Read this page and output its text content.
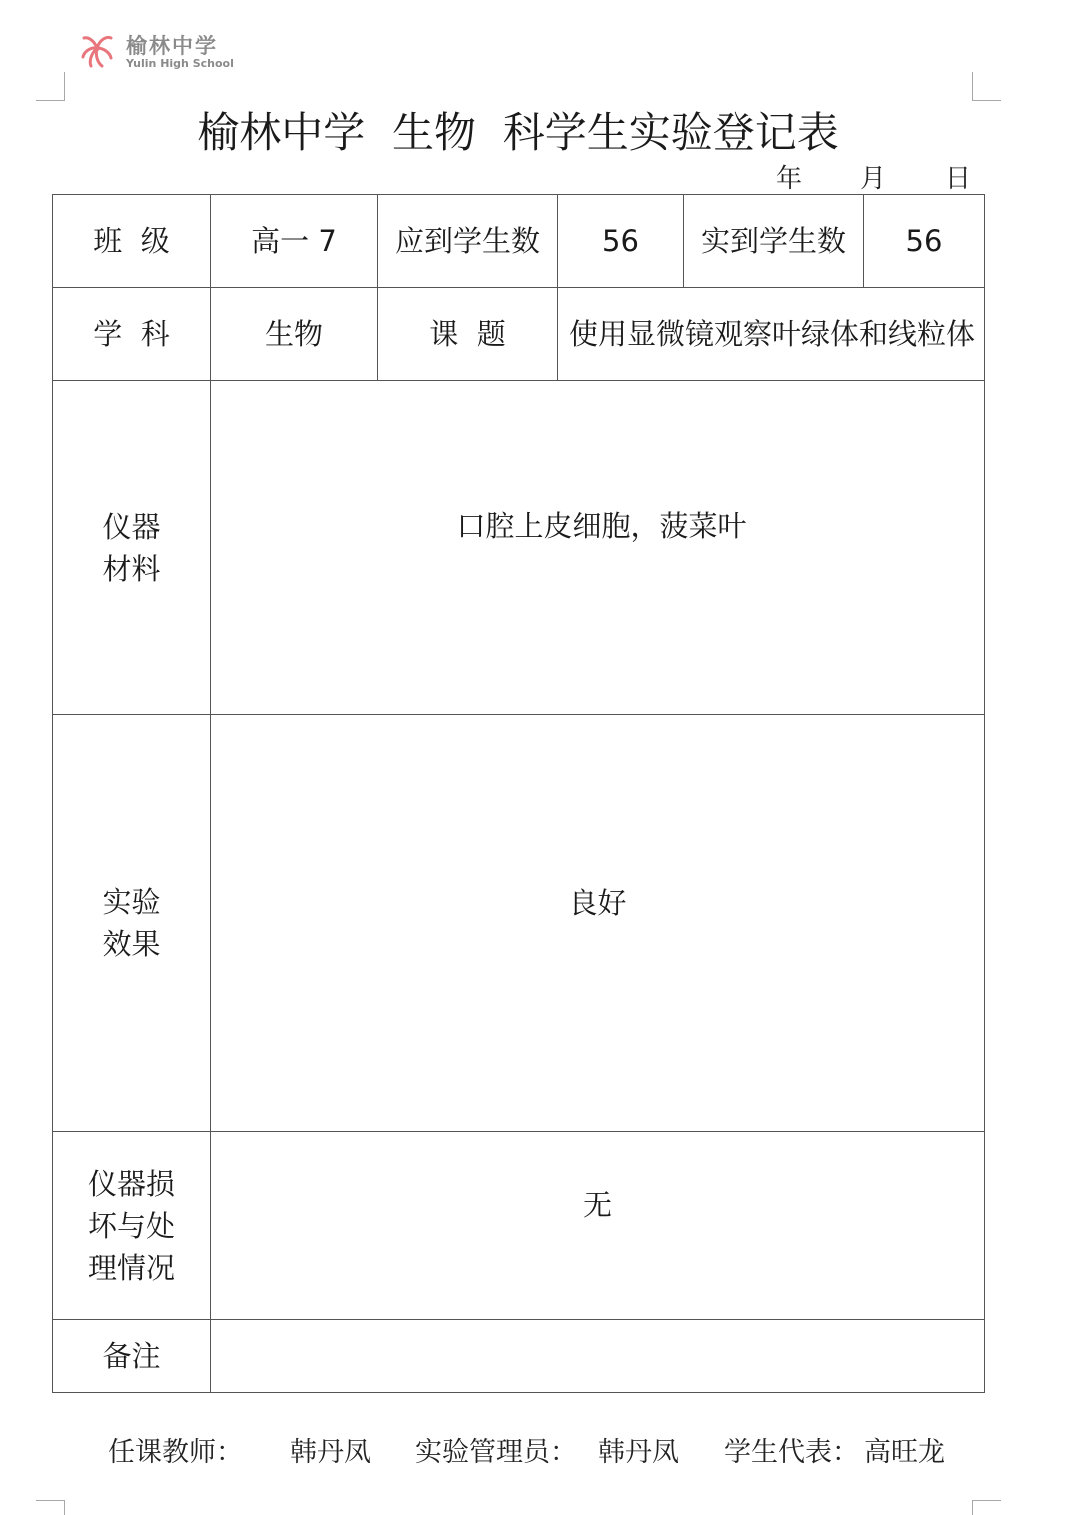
榆林中学
Yulin High School
榆林中学  生物  科学生实验登记表
年 月 日
班  级	高一 7	应到学生数	56	实到学生数	56
学  科	生物	课  题	使用显微镜观察叶绿体和线粒体		
仪器
材料	口腔上皮细胞，菠菜叶				
实验
效果	良好				
仪器损
坏与处
理情况	无				
备注					
任课教师： 韩丹凤 实验管理员： 韩丹凤 学生代表： 高旺龙
